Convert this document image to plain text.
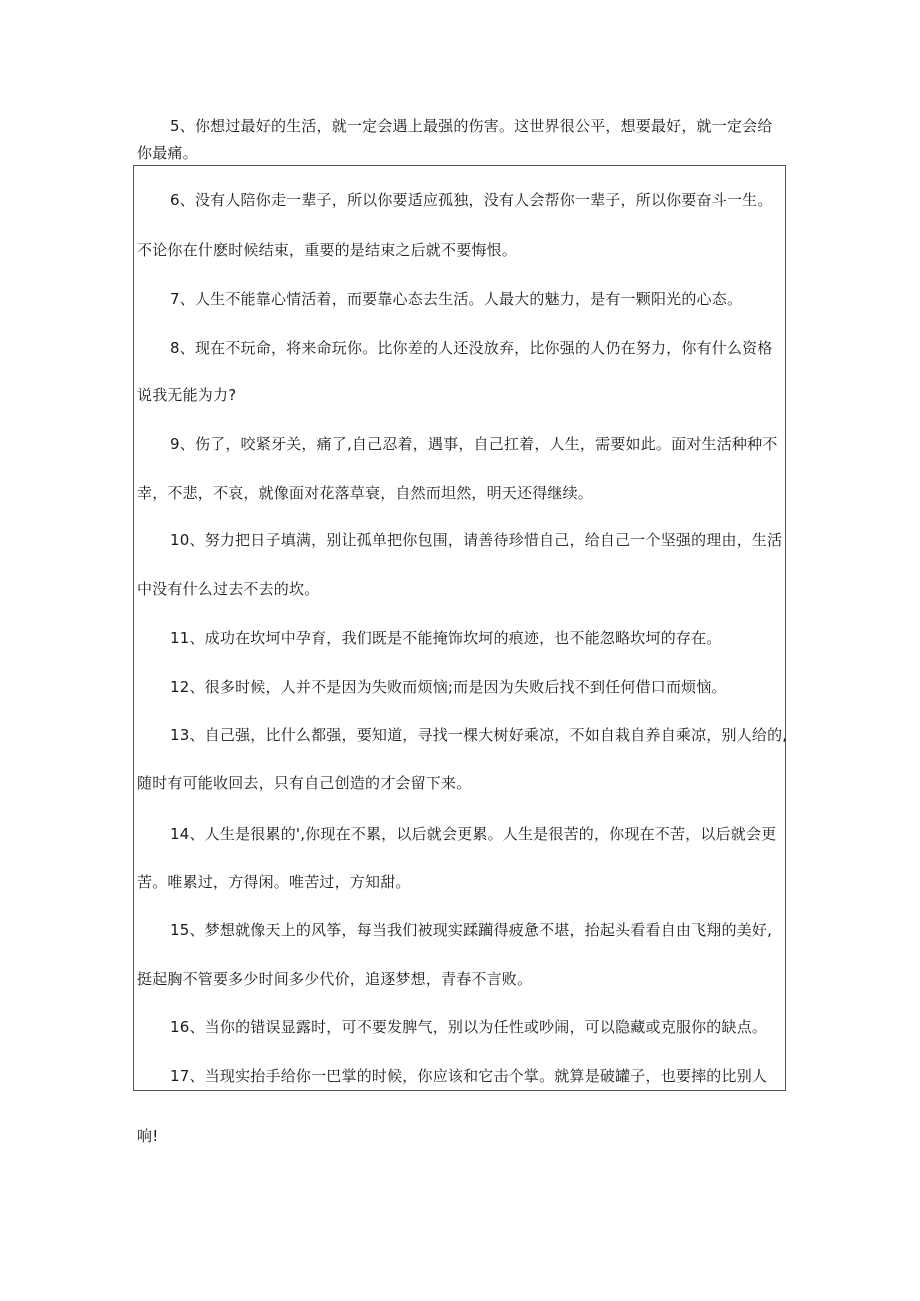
5、你想过最好的生活，就一定会遇上最强的伤害。这世界很公平，想要最好，就一定会给
你最痛。
6、没有人陪你走一辈子，所以你要适应孤独，没有人会帮你一辈子，所以你要奋斗一生。
不论你在什麽时候结束，重要的是结束之后就不要悔恨。
7、人生不能靠心情活着，而要靠心态去生活。人最大的魅力，是有一颗阳光的心态。
8、现在不玩命，将来命玩你。比你差的人还没放弃，比你强的人仍在努力，你有什么资格
说我无能为力?
9、伤了，咬紧牙关，痛了,自己忍着，遇事，自己扛着，人生，需要如此。面对生活种种不
幸，不悲，不哀，就像面对花落草衰，自然而坦然，明天还得继续。
10、努力把日子填满，别让孤单把你包围，请善待珍惜自己，给自己一个坚强的理由，生活
中没有什么过去不去的坎。
11、成功在坎坷中孕育，我们既是不能掩饰坎坷的痕迹，也不能忽略坎坷的存在。
12、很多时候，人并不是因为失败而烦恼;而是因为失败后找不到任何借口而烦恼。
13、自己强，比什么都强，要知道，寻找一棵大树好乘凉，不如自栽自养自乘凉，别人给的,
随时有可能收回去，只有自己创造的才会留下来。
14、人生是很累的',你现在不累，以后就会更累。人生是很苦的，你现在不苦，以后就会更
苦。唯累过，方得闲。唯苦过，方知甜。
15、梦想就像天上的风筝，每当我们被现实蹂躏得疲惫不堪，抬起头看看自由飞翔的美好,
挺起胸不管要多少时间多少代价，追逐梦想，青春不言败。
16、当你的错误显露时，可不要发脾气，别以为任性或吵闹，可以隐藏或克服你的缺点。
17、当现实抬手给你一巴掌的时候，你应该和它击个掌。就算是破罐子，也要摔的比别人
响!
